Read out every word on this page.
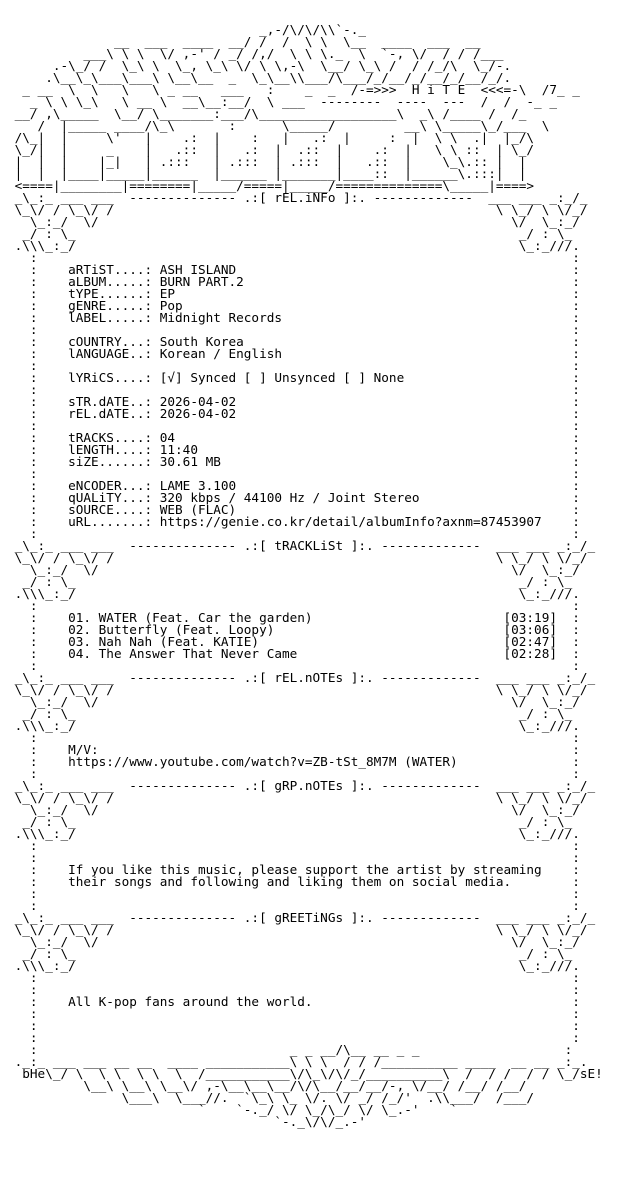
_,-/\/\/\\`-._
__  ___  ____  __/ /  /  \ \  \__  ____  ___  __
___\ \ \  \/ ,-' / _/ /,/  \ \ \._  \  `-, \/  / / /___
.-\_/ /  \_\ \  \_, \_\ \/ \ \,-\  \__/ \_\ /  / /_/\  \_/-.
.\__\_\___\___\ \__\__  _  \_\__\\___/\___/_/__/_/__/_/__/_/.
_ __  \  \   \   \ _ __   ___   :    _  _  /-=>>>  H i T E  <<<=-\  /7_ _
_ \ \ \_\   \ __ \  __\__:__/  \ ___  --------  ----  ---  /  /  -_ _
__/ ,\_____  \__/ \_______:___/\__________________\  _\ /____ /  /_
/  |_____ ____/\_\       :      \_____/         __\ \_____\_/___  \
/\_|  |     \'   |    .:  |    :   |   .:  |     :  |  \ \  .|  |_/\
\_/|  |     _    |   .::  |   .:  |  .::  |    .:  |   \ \ ::  | \_/
|  |  |    |_|   | .:::   | .:::  | .:::  |   .::  |    \_\.:: |  |
|  |  |____|_____|______  |______ |_______|____::  |______\.:::|  |
<====|________|========|_____/=====|_____/==============\_____|====>
_\_:_ ___ ___  -------------- .:[ rEL.iNFo ]:. -------------  ___ ___ _:_/_
\_\/ / \_\/ /                                                  \ \_/ \ \/_/
\_:_/  \/                                                      \/  \_:_/
_/ : \_                                                          _/ : \_
.\\\_:_/                                                          \_:_///.
:                                                                      :
:    aRTiST....: ASH ISLAND                                            :
:    aLBUM.....: BURN PART.2                                           :
:    tYPE......: EP                                                    :
:    gENRE.....: Pop                                                   :
:    lABEL.....: Midnight Records                                      :
:                                                                      :
:    cOUNTRY...: South Korea                                           :
:    lANGUAGE..: Korean / English                                      :
:                                                                      :
:    lYRiCS....: [√] Synced [ ] Unsynced [ ] None                      :
:                                                                      :
:    sTR.dATE..: 2026-04-02                                            :
:    rEL.dATE..: 2026-04-02                                            :
:                                                                      :
:    tRACKS....: 04                                                    :
:    lENGTH....: 11:40                                                 :
:    siZE......: 30.61 MB                                              :
:                                                                      :
:    eNCODER...: LAME 3.100                                            :
:    qUALiTY...: 320 kbps / 44100 Hz / Joint Stereo                    :
:    sOURCE....: WEB (FLAC)                                            :
:    uRL.......: https://genie.co.kr/detail/albumInfo?axnm=87453907    :
:                                                                      :
_\_:_ ___ ___  -------------- .:[ tRACKLiSt ]:. -------------  ___ ___ _:_/_
\_\/ / \_\/ /                                                  \ \_/ \ \/_/
\_:_/  \/                                                      \/  \_:_/
_/ : \_                                                          _/ : \_
.\\\_:_/                                                          \_:_///.
:                                                                      :
:    01. WATER (Feat. Car the garden)                         [03:19]  :
:    02. Butterfly (Feat. Loopy)                              [03:06]  :
:    03. Nah Nah (Feat. KATIE)                                [02:47]  :
:    04. The Answer That Never Came                           [02:28]  :
:                                                                      :
_\_:_ ___ ___  -------------- .:[ rEL.nOTEs ]:. -------------  ___ ___ _:_/_
\_\/ / \_\/ /                                                  \ \_/ \ \/_/
\_:_/  \/                                                      \/  \_:_/
_/ : \_                                                          _/ : \_
.\\\_:_/                                                          \_:_///.
:                                                                      :
:    M/V:                                                              :
:    https://www.youtube.com/watch?v=ZB-tSt_8M7M (WATER)               :
:                                                                      :
_\_:_ ___ ___  -------------- .:[ gRP.nOTEs ]:. -------------  ___ ___ _:_/_
\_\/ / \_\/ /                                                  \ \_/ \ \/_/
\_:_/  \/                                                      \/  \_:_/
_/ : \_                                                          _/ : \_
.\\\_:_/                                                          \_:_///.
:                                                                      :
:                                                                      :
:    If you like this music, please support the artist by streaming    :
:    their songs and following and liking them on social media.        :
:                                                                      :
:                                                                      :
_\_:_ ___ ___  -------------- .:[ gREETiNGs ]:. -------------  ___ ___ _:_/_
\_\/ / \_\/ /                                                  \ \_/ \ \/_/
\_:_/  \/                                                      \/  \_:_/
_/ : \_                                                          _/ : \_
.\\\_:_/                                                          \_:_///.
:                                                                      :
:                                                                      :
:    All K-pop fans around the world.                                  :
:                                                                      :
:                                                                      :
:                                                                      :
:                                 _ _ __/\__ __ _ _                   :
._:_ ___ ___ __ __  ____ ___________\ \ \  / / /__________ ____  __ __ _:_.
bHe\_/ \  \ \  \ \  \  /___________\/\_\/\/_/__________\  /  / /  / / \_/sE!
\__\ \__\ \__\/ ,-\__\__\__/\/\__/__/__/-, \/__/ /__/ /__/
\___\  \___//.  `\_\ \_ \/. \/ _/ /_/'  .\\___/  /___/
`    `-._/ \/ \_/\_/ \/ \_.-'    `
`-._\/\/_.-'
